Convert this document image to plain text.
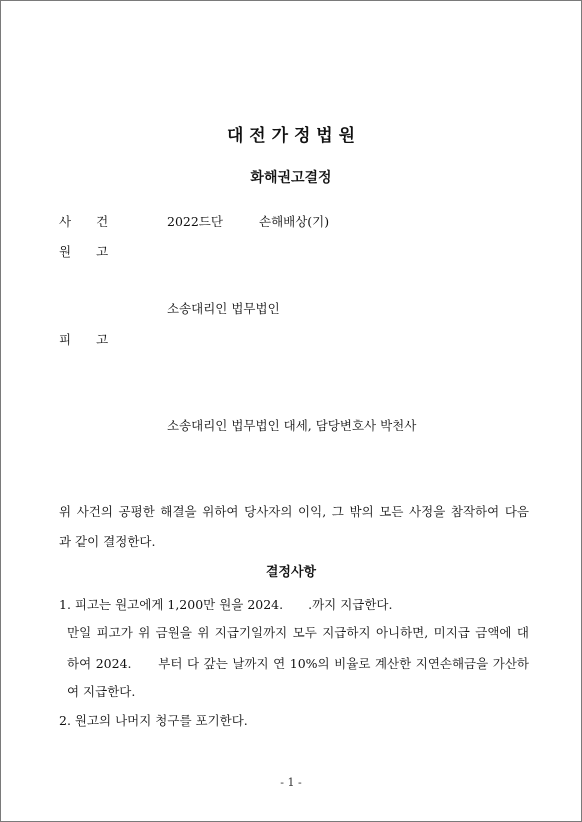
대 전 가 정 법 원
화해권고결정
사　　건	2022드단	손해배상(기)
원　　고
소송대리인 법무법인
피　　고
소송대리인 법무법인 대세, 담당변호사 박천사
위 사건의 공평한 해결을 위하여 당사자의 이익, 그 밖의 모든 사정을 참작하여 다음
과 같이 결정한다.
결정사항
1. 피고는 원고에게 1,200만 원을 2024.　　.까지 지급한다.
만일 피고가 위 금원을 위 지급기일까지 모두 지급하지 아니하면, 미지급 금액에 대
하여 2024.　　부터 다 갚는 날까지 연 10%의 비율로 계산한 지연손해금을 가산하
여 지급한다.
2. 원고의 나머지 청구를 포기한다.
- 1 -
